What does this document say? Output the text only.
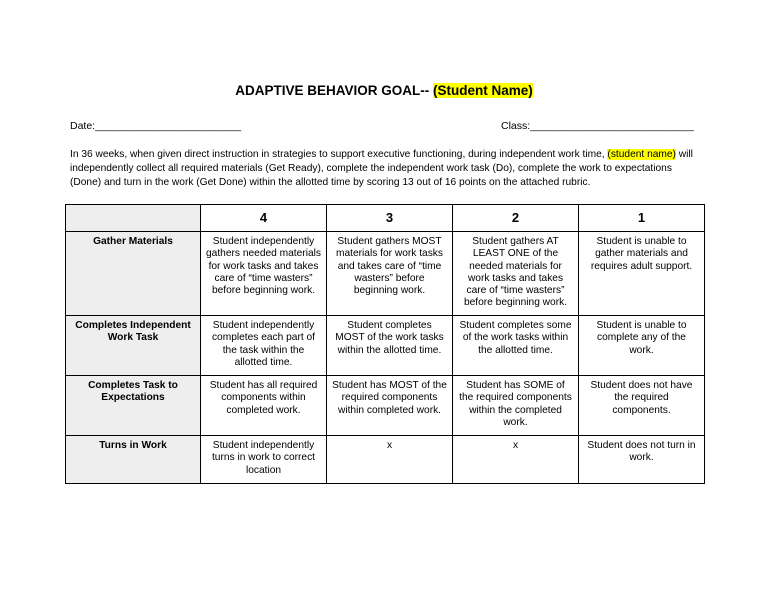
ADAPTIVE BEHAVIOR GOAL-- (Student Name)
Date:_________________________	Class:____________________________
In 36 weeks, when given direct instruction in strategies to support executive functioning, during independent work time, (student name) will independently collect all required materials (Get Ready), complete the independent work task (Do), complete the work to expectations (Done) and turn in the work (Get Done) within the allotted time by scoring 13 out of 16 points on the attached rubric.
	4	3	2	1
Gather Materials	Student independently gathers needed materials for work tasks and takes care of “time wasters” before beginning work.	Student gathers MOST materials for work tasks and takes care of “time wasters” before beginning work.	Student gathers AT LEAST ONE of the needed materials for work tasks and takes care of “time wasters” before beginning work.	Student is unable to gather materials and requires adult support.
Completes Independent Work Task	Student independently completes each part of the task within the allotted time.	Student completes MOST of the work tasks within the allotted time.	Student completes some of the work tasks within the allotted time.	Student is unable to complete any of the work.
Completes Task to Expectations	Student has all required components within completed work.	Student has MOST of the required components within completed work.	Student has SOME of the required components within the completed work.	Student does not have the required components.
Turns in Work	Student independently turns in work to correct location	x	x	Student does not turn in work.
